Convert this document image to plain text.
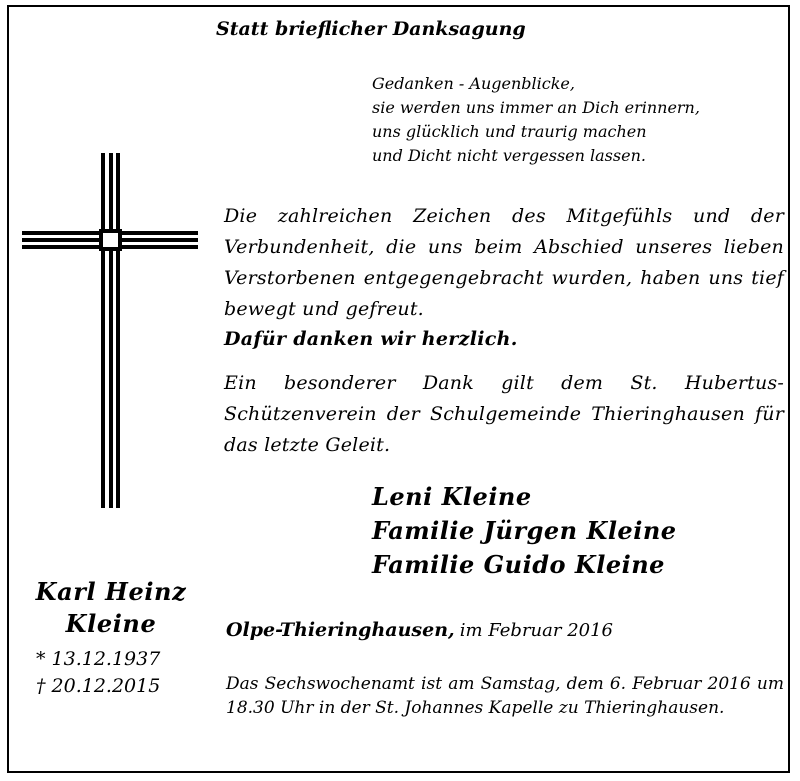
Statt brieflicher Danksagung
Gedanken - Augenblicke,
sie werden uns immer an Dich erinnern,
uns glücklich und traurig machen
und Dicht nicht vergessen lassen.
Die zahlreichen Zeichen des Mitgefühls und der Verbundenheit, die uns beim Abschied unseres lieben Verstorbenen entgegengebracht wurden, haben uns tief bewegt und gefreut.
Dafür danken wir herzlich.
Ein besonderer Dank gilt dem St. Hubertus-Schützenverein der Schulgemeinde Thieringhausen für das letzte Geleit.
Leni Kleine
Familie Jürgen Kleine
Familie Guido Kleine
Karl Heinz
Kleine
* 13.12.1937
† 20.12.2015
Olpe-Thieringhausen, im Februar 2016
Das Sechswochenamt ist am Samstag, dem 6. Februar 2016 um 18.30 Uhr in der St. Johannes Kapelle zu Thieringhausen.
